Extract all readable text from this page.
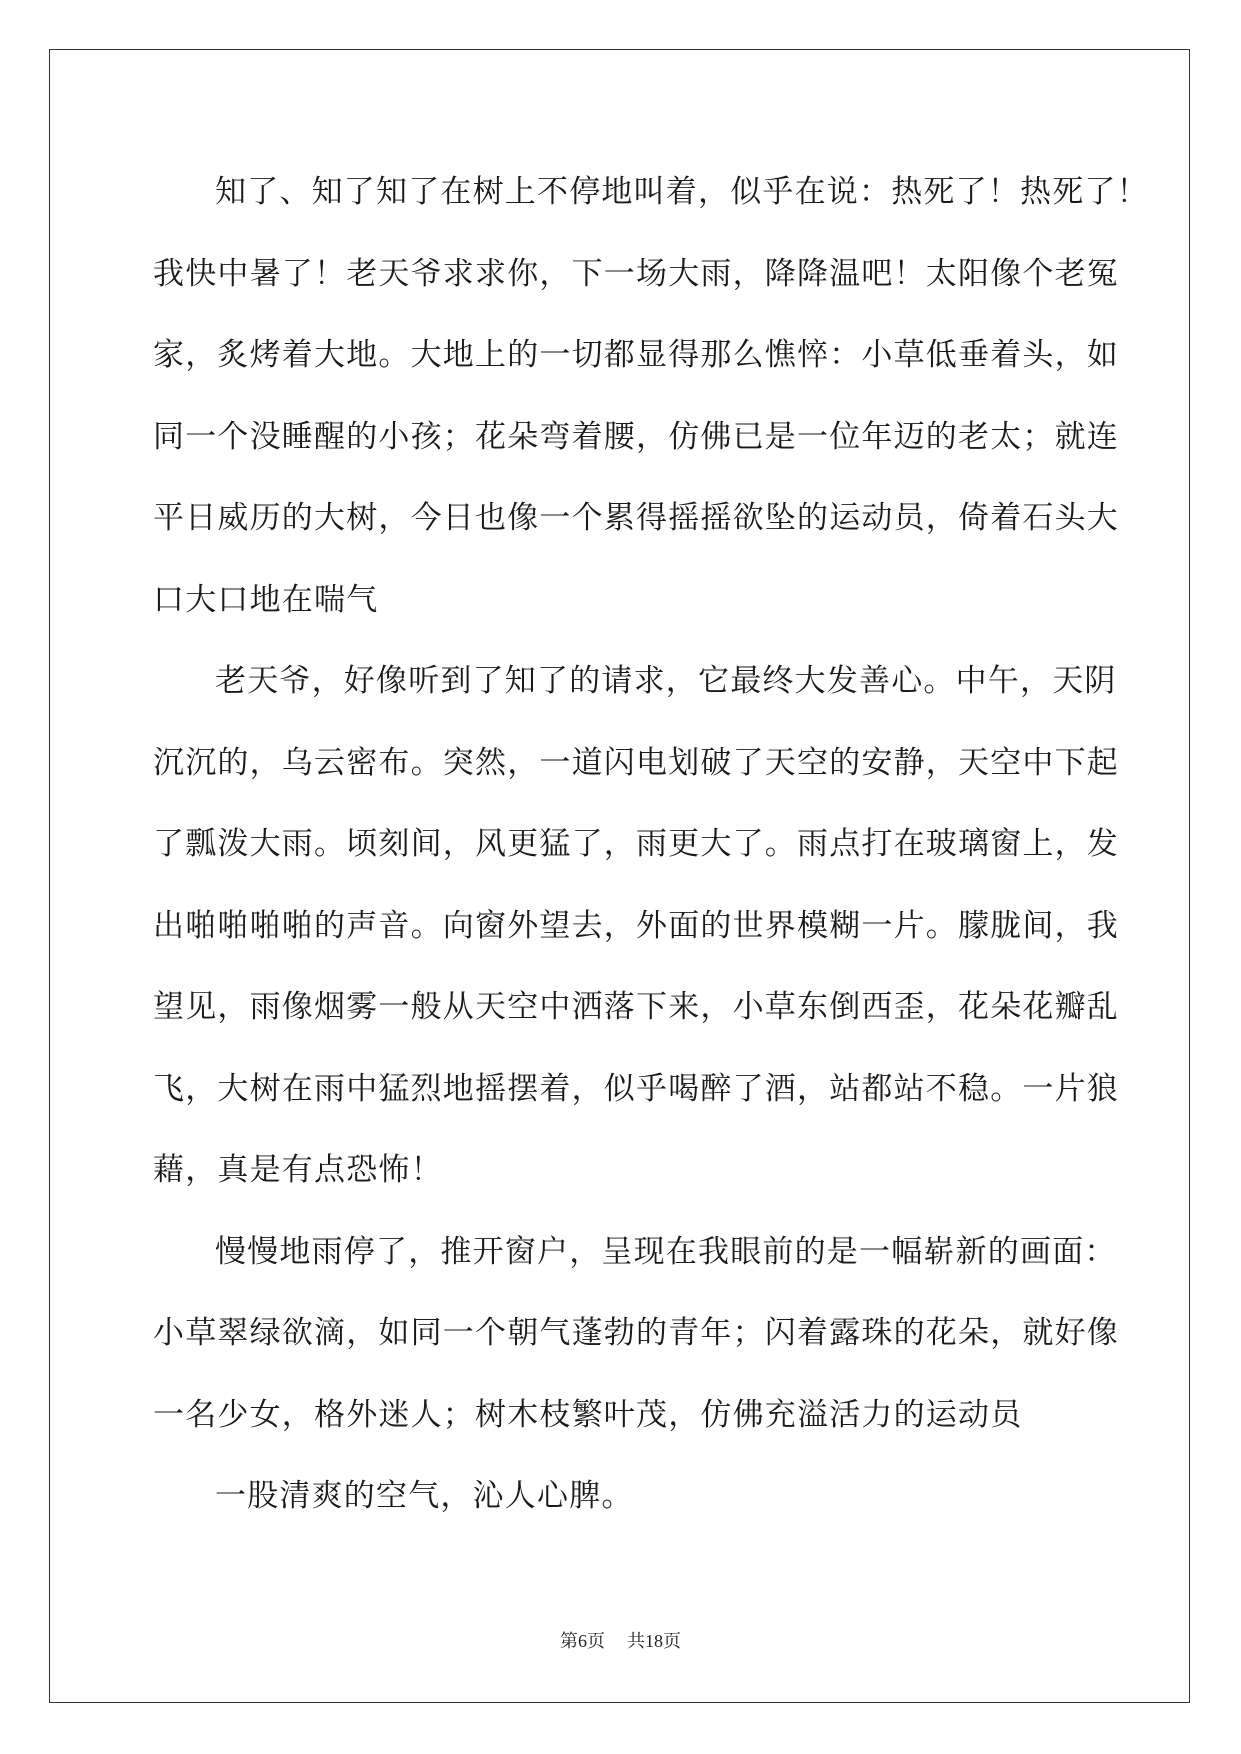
知了、知了知了在树上不停地叫着，似乎在说：热死了！热死了！
我快中暑了！老天爷求求你，下一场大雨，降降温吧！太阳像个老冤
家，炙烤着大地。大地上的一切都显得那么憔悴：小草低垂着头，如
同一个没睡醒的小孩；花朵弯着腰，仿佛已是一位年迈的老太；就连
平日威历的大树，今日也像一个累得摇摇欲坠的运动员，倚着石头大
口大口地在喘气
老天爷，好像听到了知了的请求，它最终大发善心。中午，天阴
沉沉的，乌云密布。突然，一道闪电划破了天空的安静，天空中下起
了瓢泼大雨。顷刻间，风更猛了，雨更大了。雨点打在玻璃窗上，发
出啪啪啪啪的声音。向窗外望去，外面的世界模糊一片。朦胧间，我
望见，雨像烟雾一般从天空中洒落下来，小草东倒西歪，花朵花瓣乱
飞，大树在雨中猛烈地摇摆着，似乎喝醉了酒，站都站不稳。一片狼
藉，真是有点恐怖！
慢慢地雨停了，推开窗户，呈现在我眼前的是一幅崭新的画面：
小草翠绿欲滴，如同一个朝气蓬勃的青年；闪着露珠的花朵，就好像
一名少女，格外迷人；树木枝繁叶茂，仿佛充溢活力的运动员
一股清爽的空气，沁人心脾。
第6页 共18页
